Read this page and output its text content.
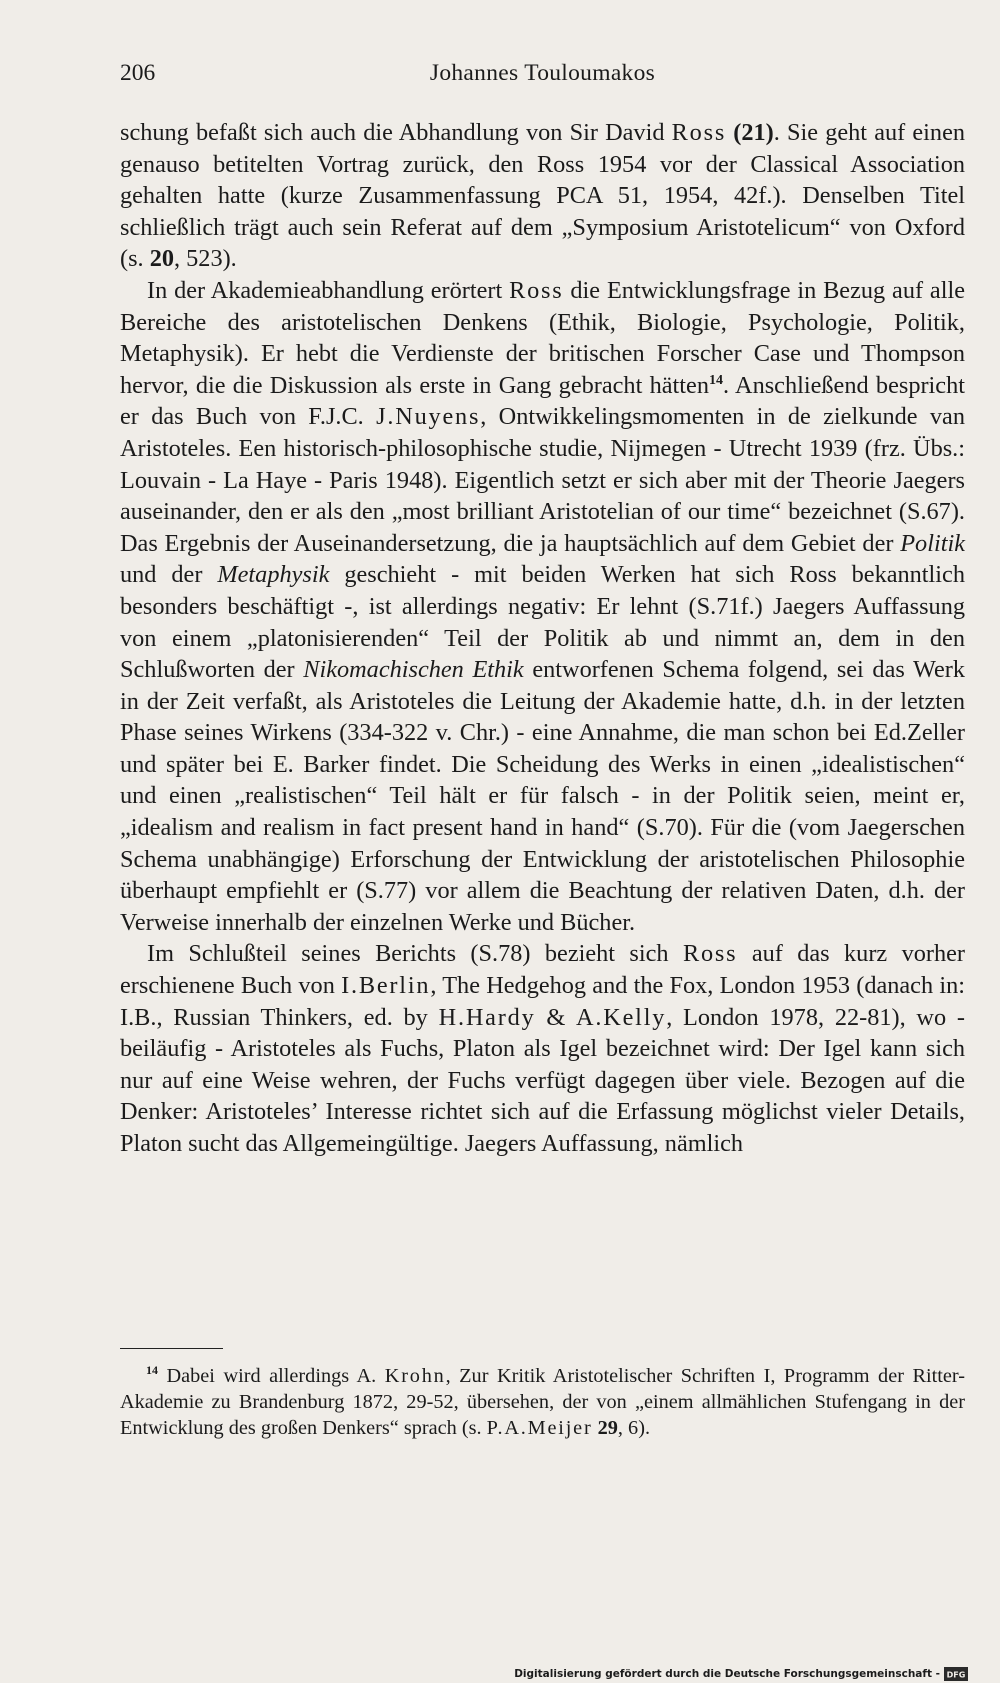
206	Johannes Touloumakos

schung befaßt sich auch die Abhandlung von Sir David Ross (21). Sie geht auf einen genauso betitelten Vortrag zurück, den Ross 1954 vor der Classical Association gehalten hatte (kurze Zusammenfassung PCA 51, 1954, 42f.). Denselben Titel schließlich trägt auch sein Referat auf dem „Symposium Aristotelicum“ von Oxford (s. 20, 523).

In der Akademieabhandlung erörtert Ross die Entwicklungsfrage in Bezug auf alle Bereiche des aristotelischen Denkens (Ethik, Biologie, Psychologie, Politik, Metaphysik). Er hebt die Verdienste der britischen Forscher Case und Thompson hervor, die die Diskussion als erste in Gang gebracht hätten$^{14}$. Anschließend bespricht er das Buch von F.J.C. J.Nuyens, Ontwikkelingsmomenten in de zielkunde van Aristoteles. Een historisch-philosophische studie, Nijmegen - Utrecht 1939 (frz. Übs.: Louvain - La Haye - Paris 1948). Eigentlich setzt er sich aber mit der Theorie Jaegers auseinander, den er als den „most brilliant Aristotelian of our time“ bezeichnet (S.67). Das Ergebnis der Auseinandersetzung, die ja hauptsächlich auf dem Gebiet der Politik und der Metaphysik geschieht - mit beiden Werken hat sich Ross bekanntlich besonders beschäftigt -, ist allerdings negativ: Er lehnt (S.71f.) Jaegers Auffassung von einem „platonisierenden“ Teil der Politik ab und nimmt an, dem in den Schlußworten der Nikomachischen Ethik entworfenen Schema folgend, sei das Werk in der Zeit verfaßt, als Aristoteles die Leitung der Akademie hatte, d.h. in der letzten Phase seines Wirkens (334-322 v. Chr.) - eine Annahme, die man schon bei Ed.Zeller und später bei E. Barker findet. Die Scheidung des Werks in einen „idealistischen“ und einen „realistischen“ Teil hält er für falsch - in der Politik seien, meint er, „idealism and realism in fact present hand in hand“ (S.70). Für die (vom Jaegerschen Schema unabhängige) Erforschung der Entwicklung der aristotelischen Philosophie überhaupt empfiehlt er (S.77) vor allem die Beachtung der relativen Daten, d.h. der Verweise innerhalb der einzelnen Werke und Bücher.

Im Schlußteil seines Berichts (S.78) bezieht sich Ross auf das kurz vorher erschienene Buch von I.Berlin, The Hedgehog and the Fox, London 1953 (danach in: I.B., Russian Thinkers, ed. by H.Hardy & A.Kelly, London 1978, 22-81), wo - beiläufig - Aristoteles als Fuchs, Platon als Igel bezeichnet wird: Der Igel kann sich nur auf eine Weise wehren, der Fuchs verfügt dagegen über viele. Bezogen auf die Denker: Aristoteles’ Interesse richtet sich auf die Erfassung möglichst vieler Details, Platon sucht das Allgemeingültige. Jaegers Auffassung, nämlich

$^{14}$ Dabei wird allerdings A. Krohn, Zur Kritik Aristotelischer Schriften I, Programm der Ritter-Akademie zu Brandenburg 1872, 29-52, übersehen, der von „einem allmählichen Stufengang in der Entwicklung des großen Denkers“ sprach (s. P.A.Meijer 29, 6).

Digitalisierung gefördert durch die Deutsche Forschungsgemeinschaft - DFG
